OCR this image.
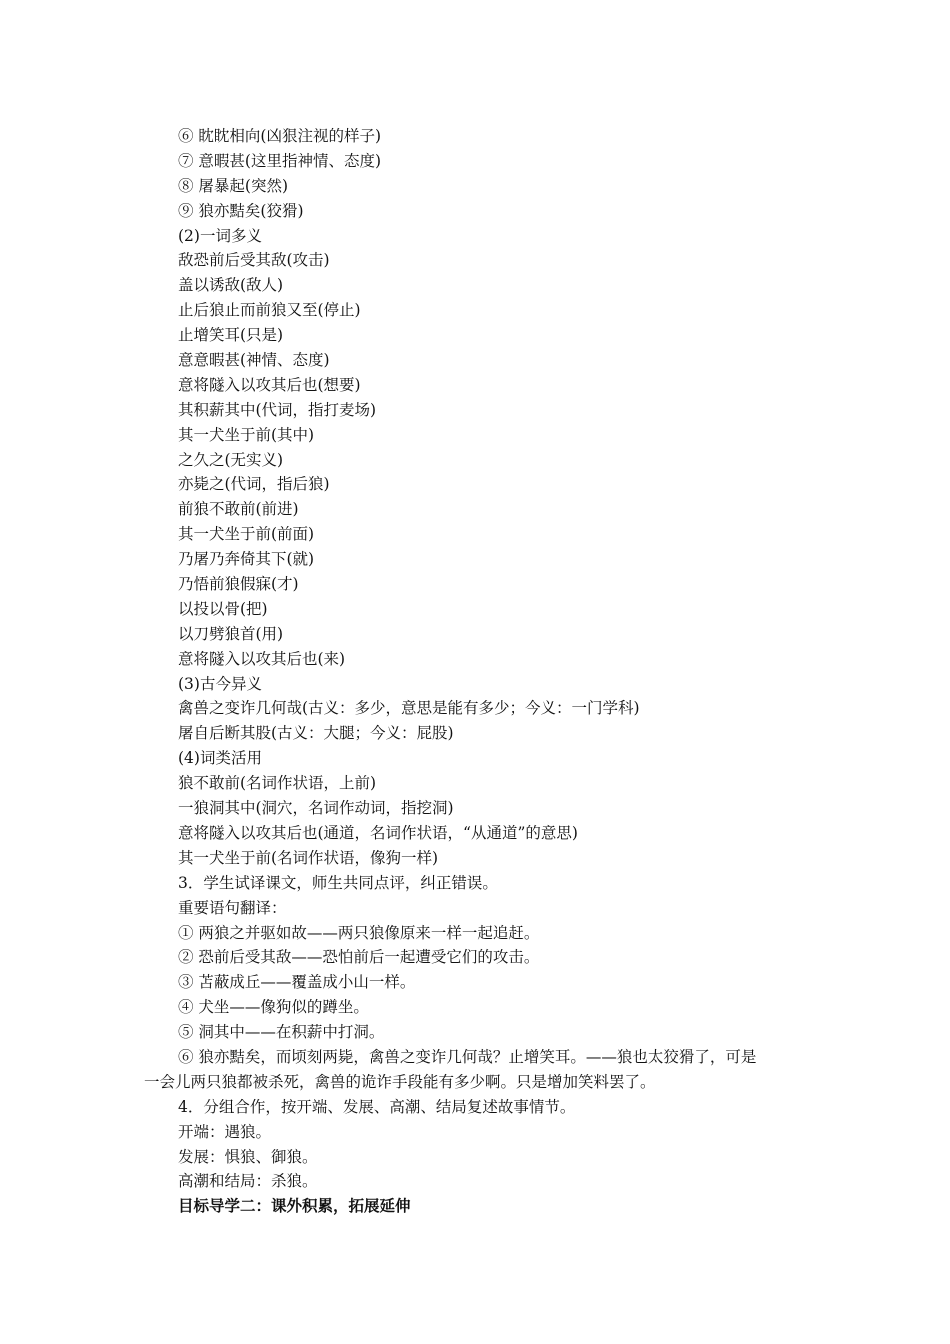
⑥ 眈眈相向(凶狠注视的样子)
⑦ 意暇甚(这里指神情、态度)
⑧ 屠暴起(突然)
⑨ 狼亦黠矣(狡猾)
(2)一词多义
敌恐前后受其敌(攻击)
盖以诱敌(敌人)
止后狼止而前狼又至(停止)
止增笑耳(只是)
意意暇甚(神情、态度)
意将隧入以攻其后也(想要)
其积薪其中(代词，指打麦场)
其一犬坐于前(其中)
之久之(无实义)
亦毙之(代词，指后狼)
前狼不敢前(前进)
其一犬坐于前(前面)
乃屠乃奔倚其下(就)
乃悟前狼假寐(才)
以投以骨(把)
以刀劈狼首(用)
意将隧入以攻其后也(来)
(3)古今异义
禽兽之变诈几何哉(古义：多少，意思是能有多少；今义：一门学科)
屠自后断其股(古义：大腿；今义：屁股)
(4)词类活用
狼不敢前(名词作状语，上前)
一狼洞其中(洞穴，名词作动词，指挖洞)
意将隧入以攻其后也(通道，名词作状语，“从通道”的意思)
其一犬坐于前(名词作状语，像狗一样)
3．学生试译课文，师生共同点评，纠正错误。
重要语句翻译：
① 两狼之并驱如故——两只狼像原来一样一起追赶。
② 恐前后受其敌——恐怕前后一起遭受它们的攻击。
③ 苫蔽成丘——覆盖成小山一样。
④ 犬坐——像狗似的蹲坐。
⑤ 洞其中——在积薪中打洞。
⑥ 狼亦黠矣，而顷刻两毙，禽兽之变诈几何哉？止增笑耳。——狼也太狡猾了，可是
一会儿两只狼都被杀死，禽兽的诡诈手段能有多少啊。只是增加笑料罢了。
4．分组合作，按开端、发展、高潮、结局复述故事情节。
开端：遇狼。
发展：惧狼、御狼。
高潮和结局：杀狼。
目标导学二：课外积累，拓展延伸
